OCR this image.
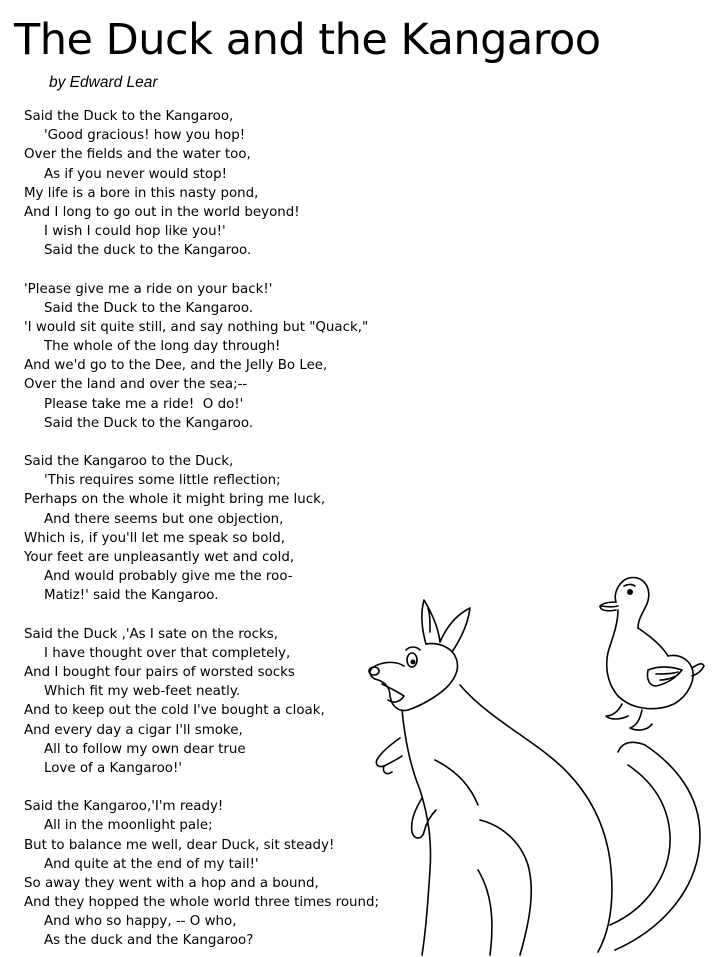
The Duck and the Kangaroo
by Edward Lear
Said the Duck to the Kangaroo,
'Good gracious! how you hop!
Over the fields and the water too,
As if you never would stop!
My life is a bore in this nasty pond,
And I long to go out in the world beyond!
I wish I could hop like you!'
Said the duck to the Kangaroo.
'Please give me a ride on your back!'
Said the Duck to the Kangaroo.
'I would sit quite still, and say nothing but "Quack,"
The whole of the long day through!
And we'd go to the Dee, and the Jelly Bo Lee,
Over the land and over the sea;--
Please take me a ride!  O do!'
Said the Duck to the Kangaroo.
Said the Kangaroo to the Duck,
'This requires some little reflection;
Perhaps on the whole it might bring me luck,
And there seems but one objection,
Which is, if you'll let me speak so bold,
Your feet are unpleasantly wet and cold,
And would probably give me the roo-
Matiz!' said the Kangaroo.
Said the Duck ,'As I sate on the rocks,
I have thought over that completely,
And I bought four pairs of worsted socks
Which fit my web-feet neatly.
And to keep out the cold I've bought a cloak,
And every day a cigar I'll smoke,
All to follow my own dear true
Love of a Kangaroo!'
Said the Kangaroo,'I'm ready!
All in the moonlight pale;
But to balance me well, dear Duck, sit steady!
And quite at the end of my tail!'
So away they went with a hop and a bound,
And they hopped the whole world three times round;
And who so happy, -- O who,
As the duck and the Kangaroo?
